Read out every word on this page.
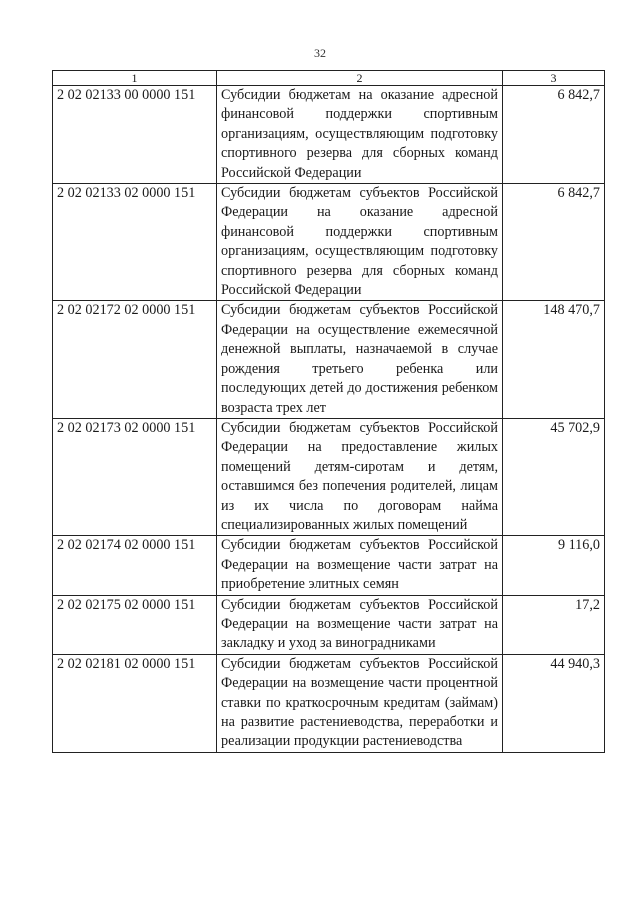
32
1	2	3
2 02 02133 00 0000 151	Субсидии бюджетам на оказание адресной финансовой поддержки спортивным организациям, осуществляющим подготовку спортивного резерва для сборных команд Российской Федерации	6 842,7
2 02 02133 02 0000 151	Субсидии бюджетам субъектов Российской Федерации на оказание адресной финансовой поддержки спортивным организациям, осуществляющим подготовку спортивного резерва для сборных команд Российской Федерации	6 842,7
2 02 02172 02 0000 151	Субсидии бюджетам субъектов Российской Федерации на осуществление ежемесячной денежной выплаты, назначаемой в случае рождения третьего ребенка или последующих детей до достижения ребенком возраста трех лет	148 470,7
2 02 02173 02 0000 151	Субсидии бюджетам субъектов Российской Федерации на предоставление жилых помещений детям-сиротам и детям, оставшимся без попечения родителей, лицам из их числа по договорам найма специализированных жилых помещений	45 702,9
2 02 02174 02 0000 151	Субсидии бюджетам субъектов Российской Федерации на возмещение части затрат на приобретение элитных семян	9 116,0
2 02 02175 02 0000 151	Субсидии бюджетам субъектов Российской Федерации на возмещение части затрат на закладку и уход за виноградниками	17,2
2 02 02181 02 0000 151	Субсидии бюджетам субъектов Российской Федерации на возмещение части процентной ставки по краткосрочным кредитам (займам) на развитие растениеводства, переработки и реализации продукции растениеводства	44 940,3
